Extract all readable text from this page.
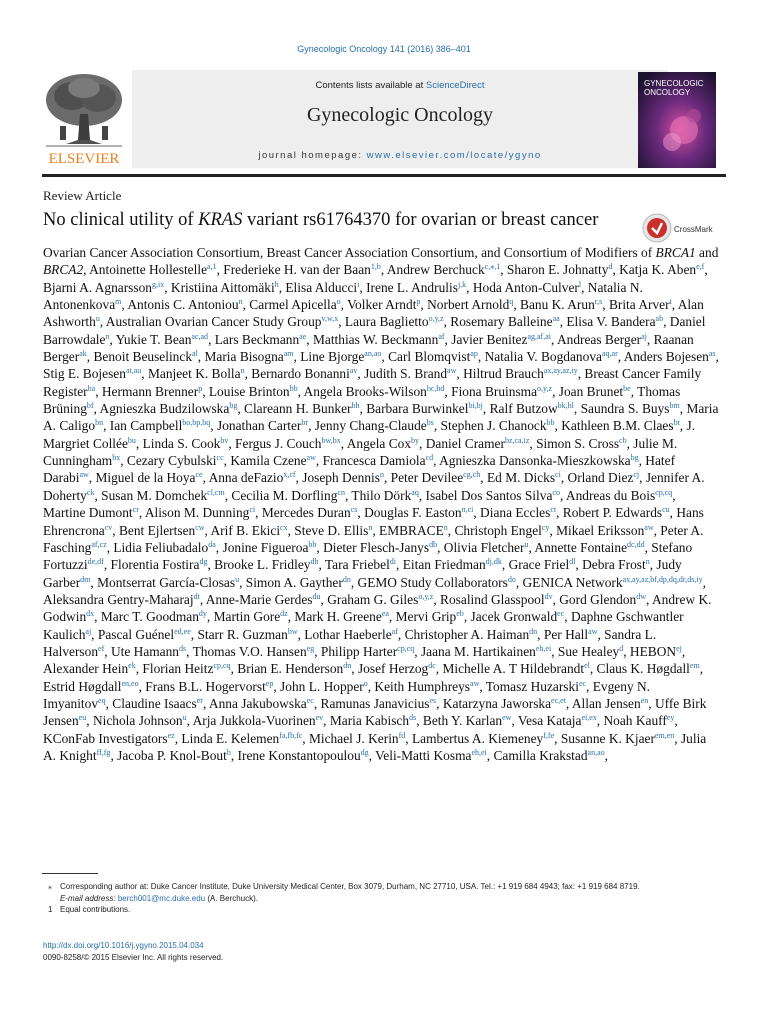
Gynecologic Oncology 141 (2016) 386–401
ELSEVIER
Contents lists available at ScienceDirect
Gynecologic Oncology
journal homepage: www.elsevier.com/locate/ygyno
GYNECOLOGIC
ONCOLOGY
Review Article
No clinical utility of KRAS variant rs61764370 for ovarian or breast cancer	CrossMark
Ovarian Cancer Association Consortium, Breast Cancer Association Consortium, and Consortium of Modifiers of BRCA1 and BRCA2, Antoinette Hollestelle$^{a,1}$, Frederieke H. van der Baan$^{1,b}$, Andrew Berchuck$^{c,⁎,1}$, Sharon E. Johnatty$^d$, Katja K. Aben$^{e,f}$, Bjarni A. Agnarsson$^{g,ix}$, Kristiina Aittomäki$^h$, Elisa Alducci$^i$, Irene L. Andrulis$^{j,k}$, Hoda Anton-Culver$^l$, Natalia N. Antonenkova$^m$, Antonis C. Antoniou$^n$, Carmel Apicella$^o$, Volker Arndt$^p$, Norbert Arnold$^q$, Banu K. Arun$^{r,s}$, Brita Arver$^t$, Alan Ashworth$^u$, Australian Ovarian Cancer Study Group$^{v,w,x}$, Laura Baglietto$^{o,y,z}$, Rosemary Balleine$^{aa}$, Elisa V. Bandera$^{ab}$, Daniel Barrowdale$^n$, Yukie T. Bean$^{ac,ad}$, Lars Beckmann$^{ae}$, Matthias W. Beckmann$^{af}$, Javier Benitez$^{ag,af,ai}$, Andreas Berger$^{aj}$, Raanan Berger$^{ak}$, Benoit Beuselinck$^{al}$, Maria Bisogna$^{am}$, Line Bjorge$^{an,ao}$, Carl Blomqvist$^{ap}$, Natalia V. Bogdanova$^{aq,ar}$, Anders Bojesen$^{as}$, Stig E. Bojesen$^{at,au}$, Manjeet K. Bolla$^n$, Bernardo Bonanni$^{av}$, Judith S. Brand$^{aw}$, Hiltrud Brauch$^{ax,ay,az,iy}$, Breast Cancer Family Register$^{ba}$, Hermann Brenner$^p$, Louise Brinton$^{bb}$, Angela Brooks-Wilson$^{bc,bd}$, Fiona Bruinsma$^{o,y,z}$, Joan Brunet$^{be}$, Thomas Brüning$^{bf}$, Agnieszka Budzilowska$^{bg}$, Clareann H. Bunker$^{bh}$, Barbara Burwinkel$^{bi,bj}$, Ralf Butzow$^{bk,bl}$, Saundra S. Buys$^{bm}$, Maria A. Caligo$^{bn}$, Ian Campbell$^{bo,bp,bq}$, Jonathan Carter$^{br}$, Jenny Chang-Claude$^{bs}$, Stephen J. Chanock$^{bb}$, Kathleen B.M. Claes$^{bt}$, J. Margriet Collée$^{bu}$, Linda S. Cook$^{bv}$, Fergus J. Couch$^{bw,bx}$, Angela Cox$^{by}$, Daniel Cramer$^{bz,ca,iz}$, Simon S. Cross$^{cb}$, Julie M. Cunningham$^{bx}$, Cezary Cybulski$^{cc}$, Kamila Czene$^{aw}$, Francesca Damiola$^{cd}$, Agnieszka Dansonka-Mieszkowska$^{bg}$, Hatef Darabi$^{aw}$, Miguel de la Hoya$^{ce}$, Anna deFazio$^{x,cf}$, Joseph Dennis$^n$, Peter Devilee$^{cg,ch}$, Ed M. Dicks$^{ci}$, Orland Diez$^{cj}$, Jennifer A. Doherty$^{ck}$, Susan M. Domchek$^{cl,cm}$, Cecilia M. Dorfling$^{cn}$, Thilo Dörk$^{aq}$, Isabel Dos Santos Silva$^{co}$, Andreas du Bois$^{cp,cq}$, Martine Dumont$^{cr}$, Alison M. Dunning$^{ci}$, Mercedes Duran$^{cs}$, Douglas F. Easton$^{n,ci}$, Diana Eccles$^{ct}$, Robert P. Edwards$^{cu}$, Hans Ehrencrona$^{cv}$, Bent Ejlertsen$^{cw}$, Arif B. Ekici$^{cx}$, Steve D. Ellis$^n$, EMBRACE$^n$, Christoph Engel$^{cy}$, Mikael Eriksson$^{aw}$, Peter A. Fasching$^{af,cz}$, Lidia Feliubadalo$^{da}$, Jonine Figueroa$^{bb}$, Dieter Flesch-Janys$^{db}$, Olivia Fletcher$^u$, Annette Fontaine$^{dc,dd}$, Stefano Fortuzzi$^{de,df}$, Florentia Fostira$^{dg}$, Brooke L. Fridley$^{dh}$, Tara Friebel$^{di}$, Eitan Friedman$^{dj,dk}$, Grace Friel$^{dl}$, Debra Frost$^n$, Judy Garber$^{dm}$, Montserrat García-Closas$^u$, Simon A. Gayther$^{dn}$, GEMO Study Collaborators$^{do}$, GENICA Network$^{ax,ay,az,bf,dp,dq,dr,ds,iy}$, Aleksandra Gentry-Maharaj$^{dt}$, Anne-Marie Gerdes$^{du}$, Graham G. Giles$^{o,y,z}$, Rosalind Glasspool$^{dv}$, Gord Glendon$^{dw}$, Andrew K. Godwin$^{dx}$, Marc T. Goodman$^{dy}$, Martin Gore$^{dz}$, Mark H. Greene$^{ea}$, Mervi Grip$^{eb}$, Jacek Gronwald$^{ec}$, Daphne Gschwantler Kaulich$^{aj}$, Pascal Guénel$^{ed,ee}$, Starr R. Guzman$^{bw}$, Lothar Haeberle$^{af}$, Christopher A. Haiman$^{dn}$, Per Hall$^{aw}$, Sandra L. Halverson$^{ef}$, Ute Hamann$^{ds}$, Thomas V.O. Hansen$^{eg}$, Philipp Harter$^{cp,cq}$, Jaana M. Hartikainen$^{eh,ei}$, Sue Healey$^d$, $HEBON^{ej}$, Alexander Hein$^{ek}$, Florian Heitz$^{cp,cq}$, Brian E. Henderson$^{dn}$, Josef Herzog$^{dc}$, Michelle A. T Hildebrandt$^{el}$, Claus K. Høgdall$^{em}$, Estrid Høgdall$^{en,eo}$, Frans B.L. Hogervorst$^{ep}$, John L. Hopper$^o$, Keith Humphreys$^{aw}$, Tomasz Huzarski$^{ec}$, Evgeny N. Imyanitov$^{eq}$, Claudine Isaacs$^{er}$, Anna Jakubowska$^{ec}$, Ramunas Janavicius$^{es}$, Katarzyna Jaworska$^{ec,et}$, Allan Jensen$^{en}$, Uffe Birk Jensen$^{eu}$, Nichola Johnson$^u$, Arja Jukkola-Vuorinen$^{ev}$, Maria Kabisch$^{ds}$, Beth Y. Karlan$^{ew}$, Vesa Kataja$^{ei,ex}$, Noah Kauff$^{ey}$, KConFab Investigators$^{ez}$, Linda E. Kelemen$^{fa,fb,fc}$, Michael J. Kerin$^{fd}$, Lambertus A. Kiemeney$^{f,fe}$, Susanne K. Kjaer$^{em,en}$, Julia A. Knight$^{ff,fg}$, Jacoba P. Knol-Bout$^b$, Irene Konstantopoulou$^{dg}$, Veli-Matti Kosma$^{eh,ei}$, Camilla Krakstad$^{an,ao}$,
⁎ Corresponding author at: Duke Cancer Institute, Duke University Medical Center, Box 3079, Durham, NC 27710, USA. Tel.: +1 919 684 4943; fax: +1 919 684 8719.
E-mail address: berch001@mc.duke.edu (A. Berchuck).
1 Equal contributions.
http://dx.doi.org/10.1016/j.ygyno.2015.04.034
0090-8258/© 2015 Elsevier Inc. All rights reserved.
